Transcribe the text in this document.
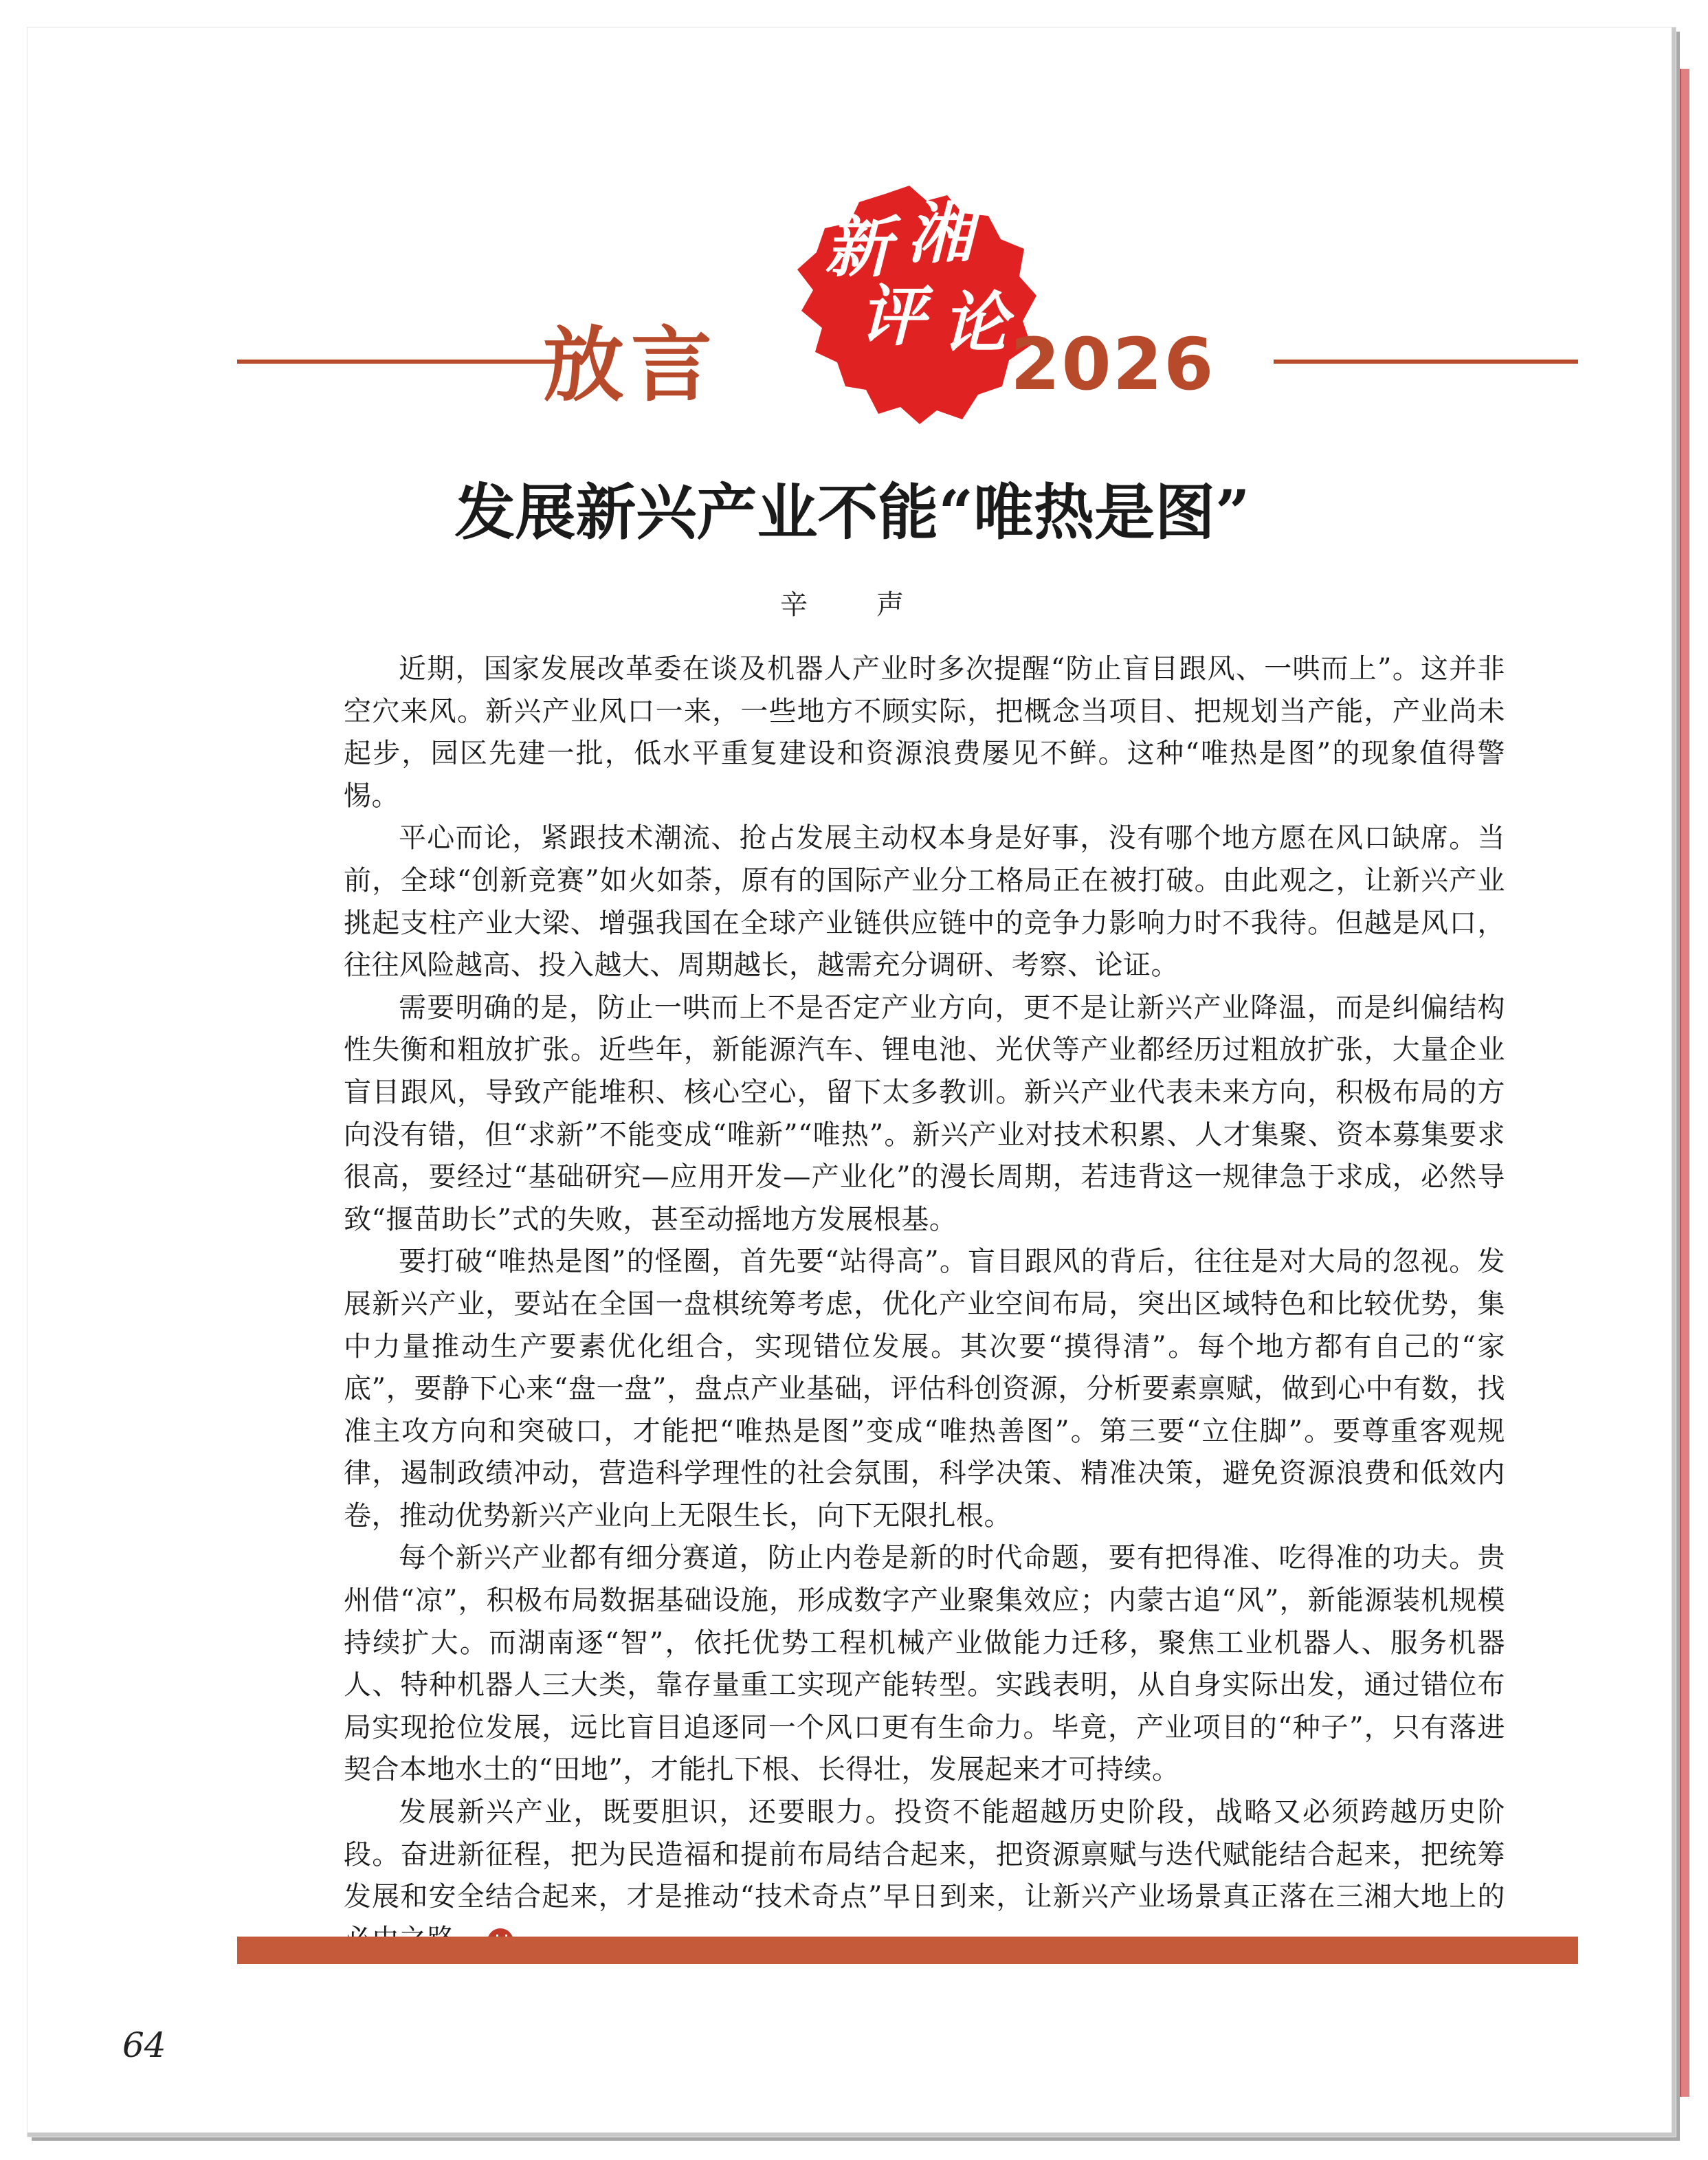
新 湘
评 论
放言	2026
发展新兴产业不能“唯热是图”
辛　声

近期，国家发展改革委在谈及机器人产业时多次提醒“防止盲目跟风、一哄而上”。这并非空穴来风。新兴产业风口一来，一些地方不顾实际，把概念当项目、把规划当产能，产业尚未起步，园区先建一批，低水平重复建设和资源浪费屡见不鲜。这种“唯热是图”的现象值得警惕。

平心而论，紧跟技术潮流、抢占发展主动权本身是好事，没有哪个地方愿在风口缺席。当前，全球“创新竞赛”如火如荼，原有的国际产业分工格局正在被打破。由此观之，让新兴产业挑起支柱产业大梁、增强我国在全球产业链供应链中的竞争力影响力时不我待。但越是风口，往往风险越高、投入越大、周期越长，越需充分调研、考察、论证。

需要明确的是，防止一哄而上不是否定产业方向，更不是让新兴产业降温，而是纠偏结构性失衡和粗放扩张。近些年，新能源汽车、锂电池、光伏等产业都经历过粗放扩张，大量企业盲目跟风，导致产能堆积、核心空心，留下太多教训。新兴产业代表未来方向，积极布局的方向没有错，但“求新”不能变成“唯新”“唯热”。新兴产业对技术积累、人才集聚、资本募集要求很高，要经过“基础研究—应用开发—产业化”的漫长周期，若违背这一规律急于求成，必然导致“揠苗助长”式的失败，甚至动摇地方发展根基。

要打破“唯热是图”的怪圈，首先要“站得高”。盲目跟风的背后，往往是对大局的忽视。发展新兴产业，要站在全国一盘棋统筹考虑，优化产业空间布局，突出区域特色和比较优势，集中力量推动生产要素优化组合，实现错位发展。其次要“摸得清”。每个地方都有自己的“家底”，要静下心来“盘一盘”，盘点产业基础，评估科创资源，分析要素禀赋，做到心中有数，找准主攻方向和突破口，才能把“唯热是图”变成“唯热善图”。第三要“立住脚”。要尊重客观规律，遏制政绩冲动，营造科学理性的社会氛围，科学决策、精准决策，避免资源浪费和低效内卷，推动优势新兴产业向上无限生长，向下无限扎根。

每个新兴产业都有细分赛道，防止内卷是新的时代命题，要有把得准、吃得准的功夫。贵州借“凉”，积极布局数据基础设施，形成数字产业聚集效应；内蒙古追“风”，新能源装机规模持续扩大。而湖南逐“智”，依托优势工程机械产业做能力迁移，聚焦工业机器人、服务机器人、特种机器人三大类，靠存量重工实现产能转型。实践表明，从自身实际出发，通过错位布局实现抢位发展，远比盲目追逐同一个风口更有生命力。毕竟，产业项目的“种子”，只有落进契合本地水土的“田地”，才能扎下根、长得壮，发展起来才可持续。

发展新兴产业，既要胆识，还要眼力。投资不能超越历史阶段，战略又必须跨越历史阶段。奋进新征程，把为民造福和提前布局结合起来，把资源禀赋与迭代赋能结合起来，把统筹发展和安全结合起来，才是推动“技术奇点”早日到来，让新兴产业场景真正落在三湘大地上的

64
